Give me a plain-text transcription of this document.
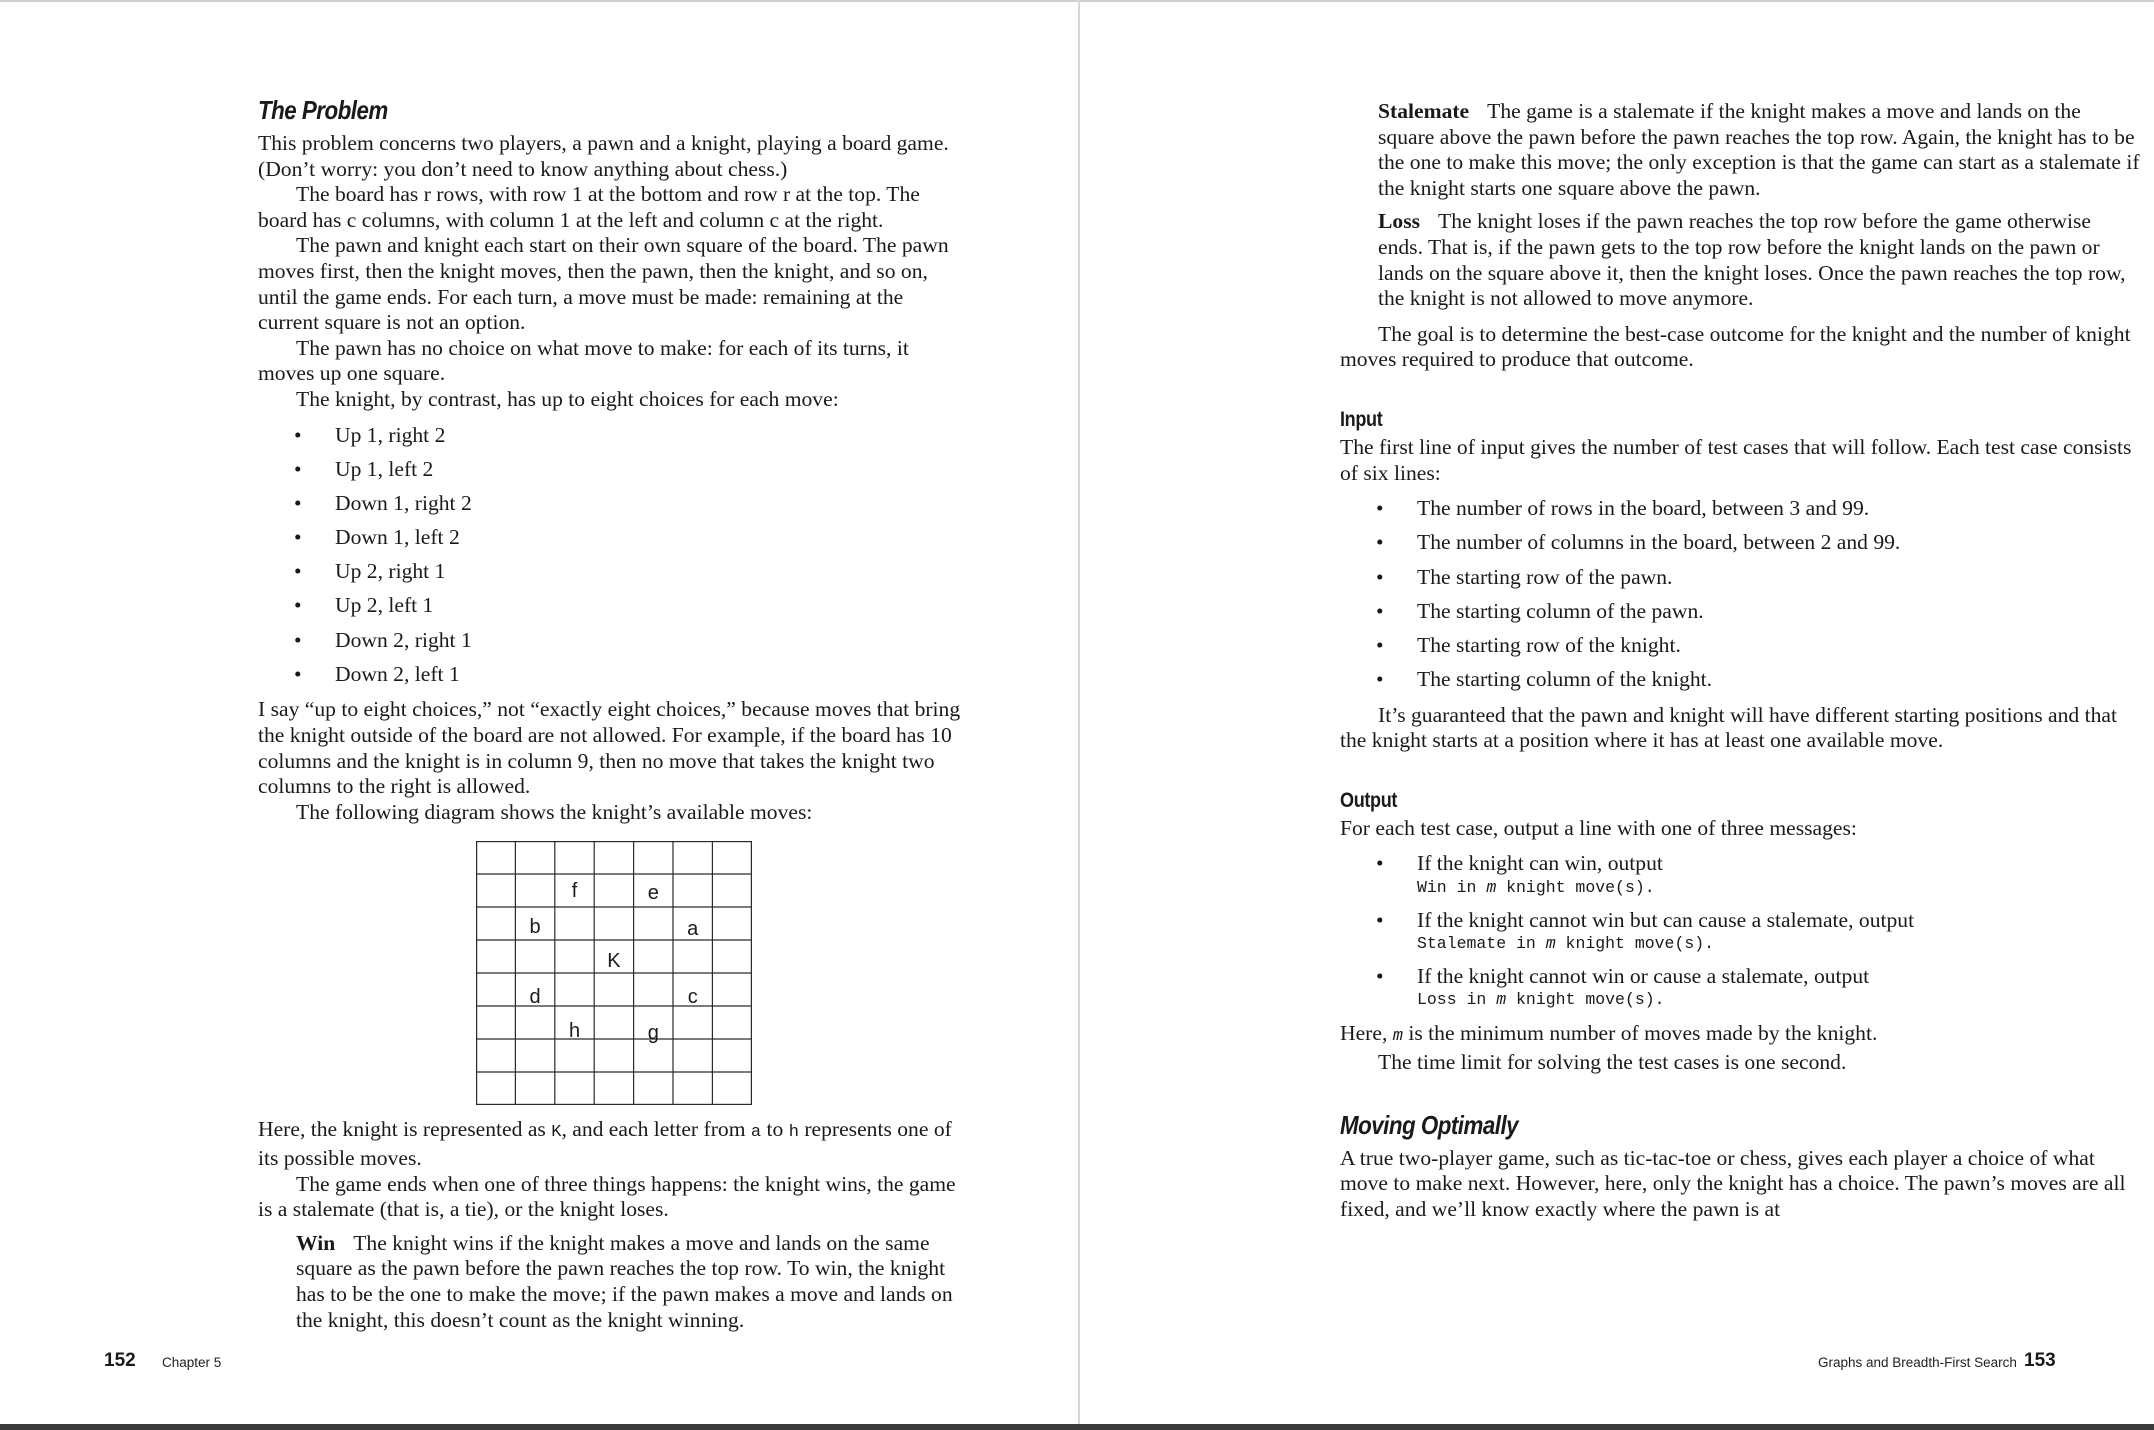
The Problem

This problem concerns two players, a pawn and a knight, playing a board game. (Don’t worry: you don’t need to know anything about chess.)

The board has r rows, with row 1 at the bottom and row r at the top. The board has c columns, with column 1 at the left and column c at the right.

The pawn and knight each start on their own square of the board. The pawn moves first, then the knight moves, then the pawn, then the knight, and so on, until the game ends. For each turn, a move must be made: remaining at the current square is not an option.

The pawn has no choice on what move to make: for each of its turns, it moves up one square.

The knight, by contrast, has up to eight choices for each move:

• Up 1, right 2
• Up 1, left 2
• Down 1, right 2
• Down 1, left 2
• Up 2, right 1
• Up 2, left 1
• Down 2, right 1
• Down 2, left 1

I say “up to eight choices,” not “exactly eight choices,” because moves that bring the knight outside of the board are not allowed. For example, if the board has 10 columns and the knight is in column 9, then no move that takes the knight two columns to the right is allowed.

The following diagram shows the knight’s available moves:

f	e
b	a
K
d	c
h	g

Here, the knight is represented as K, and each letter from a to h represents one of its possible moves.

The game ends when one of three things happens: the knight wins, the game is a stalemate (that is, a tie), or the knight loses.

Win The knight wins if the knight makes a move and lands on the same square as the pawn before the pawn reaches the top row. To win, the knight has to be the one to make the move; if the pawn makes a move and lands on the knight, this doesn’t count as the knight winning.

152 Chapter 5

Stalemate The game is a stalemate if the knight makes a move and lands on the square above the pawn before the pawn reaches the top row. Again, the knight has to be the one to make this move; the only exception is that the game can start as a stalemate if the knight starts one square above the pawn.

Loss The knight loses if the pawn reaches the top row before the game otherwise ends. That is, if the pawn gets to the top row before the knight lands on the pawn or lands on the square above it, then the knight loses. Once the pawn reaches the top row, the knight is not allowed to move anymore.

The goal is to determine the best-case outcome for the knight and the number of knight moves required to produce that outcome.

Input

The first line of input gives the number of test cases that will follow. Each test case consists of six lines:

• The number of rows in the board, between 3 and 99.
• The number of columns in the board, between 2 and 99.
• The starting row of the pawn.
• The starting column of the pawn.
• The starting row of the knight.
• The starting column of the knight.

It’s guaranteed that the pawn and knight will have different starting positions and that the knight starts at a position where it has at least one available move.

Output

For each test case, output a line with one of three messages:

• If the knight can win, output
Win in m knight move(s).
• If the knight cannot win but can cause a stalemate, output
Stalemate in m knight move(s).
• If the knight cannot win or cause a stalemate, output
Loss in m knight move(s).

Here, m is the minimum number of moves made by the knight.

The time limit for solving the test cases is one second.

Moving Optimally

A true two-player game, such as tic-tac-toe or chess, gives each player a choice of what move to make next. However, here, only the knight has a choice. The pawn’s moves are all fixed, and we’ll know exactly where the pawn is at

Graphs and Breadth-First Search 153
